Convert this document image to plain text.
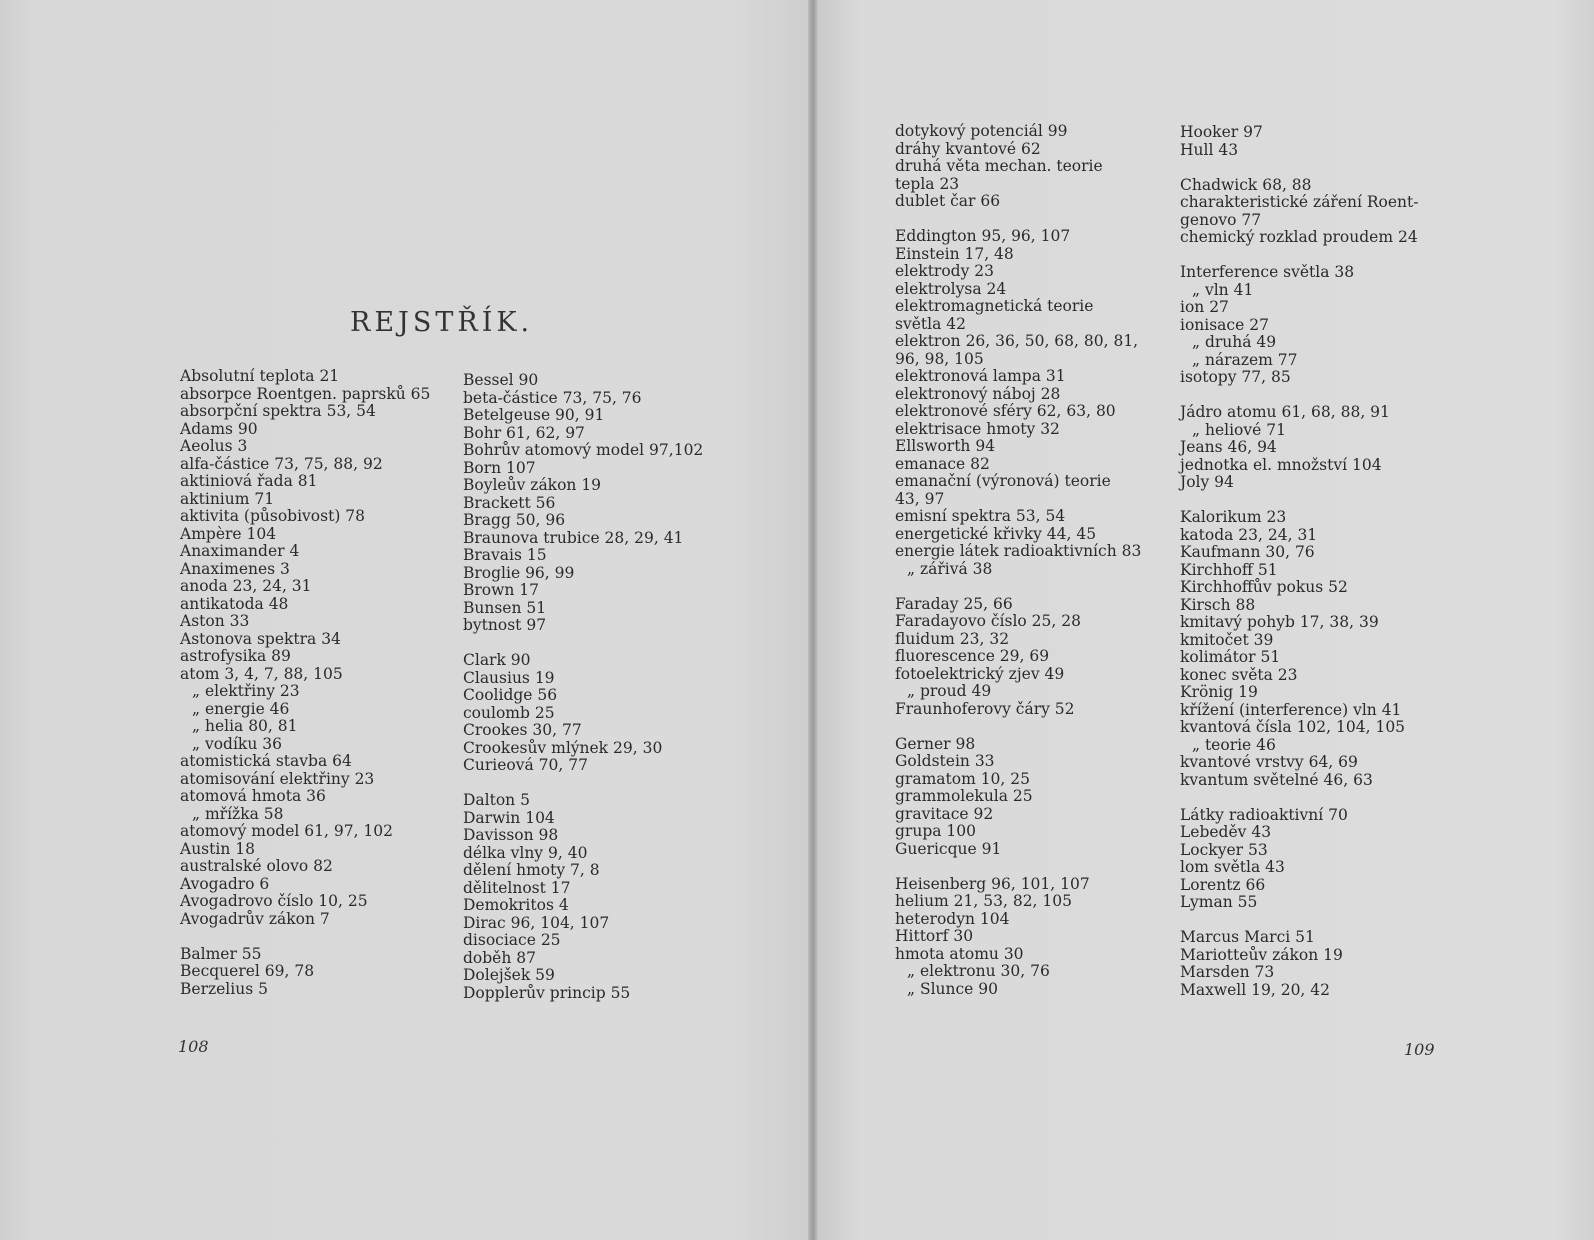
REJSTŘÍK.
Absolutní teplota 21
absorpce Roentgen. paprsků 65
absorpční spektra 53, 54
Adams 90
Aeolus 3
alfa-částice 73, 75, 88, 92
aktiniová řada 81
aktinium 71
aktivita (působivost) 78
Ampère 104
Anaximander 4
Anaximenes 3
anoda 23, 24, 31
antikatoda 48
Aston 33
Astonova spektra 34
astrofysika 89
atom 3, 4, 7, 88, 105
„ elektřiny 23
„ energie 46
„ helia 80, 81
„ vodíku 36
atomistická stavba 64
atomisování elektřiny 23
atomová hmota 36
„ mřížka 58
atomový model 61, 97, 102
Austin 18
australské olovo 82
Avogadro 6
Avogadrovo číslo 10, 25
Avogadrův zákon 7
Balmer 55
Becquerel 69, 78
Berzelius 5
Bessel 90
beta-částice 73, 75, 76
Betelgeuse 90, 91
Bohr 61, 62, 97
Bohrův atomový model 97,102
Born 107
Boyleův zákon 19
Brackett 56
Bragg 50, 96
Braunova trubice 28, 29, 41
Bravais 15
Broglie 96, 99
Brown 17
Bunsen 51
bytnost 97
Clark 90
Clausius 19
Coolidge 56
coulomb 25
Crookes 30, 77
Crookesův mlýnek 29, 30
Curieová 70, 77
Dalton 5
Darwin 104
Davisson 98
délka vlny 9, 40
dělení hmoty 7, 8
dělitelnost 17
Demokritos 4
Dirac 96, 104, 107
disociace 25
doběh 87
Dolejšek 59
Dopplerův princip 55
dotykový potenciál 99
dráhy kvantové 62
druhá věta mechan. teorie
tepla 23
dublet čar 66
Eddington 95, 96, 107
Einstein 17, 48
elektrody 23
elektrolysa 24
elektromagnetická teorie
světla 42
elektron 26, 36, 50, 68, 80, 81,
96, 98, 105
elektronová lampa 31
elektronový náboj 28
elektronové sféry 62, 63, 80
elektrisace hmoty 32
Ellsworth 94
emanace 82
emanační (výronová) teorie
43, 97
emisní spektra 53, 54
energetické křivky 44, 45
energie látek radioaktivních 83
„ zářivá 38
Faraday 25, 66
Faradayovo číslo 25, 28
fluidum 23, 32
fluorescence 29, 69
fotoelektrický zjev 49
„ proud 49
Fraunhoferovy čáry 52
Gerner 98
Goldstein 33
gramatom 10, 25
grammolekula 25
gravitace 92
grupa 100
Guericque 91
Heisenberg 96, 101, 107
helium 21, 53, 82, 105
heterodyn 104
Hittorf 30
hmota atomu 30
„ elektronu 30, 76
„ Slunce 90
Hooker 97
Hull 43
Chadwick 68, 88
charakteristické záření Roent-
genovo 77
chemický rozklad proudem 24
Interference světla 38
„ vln 41
ion 27
ionisace 27
„ druhá 49
„ nárazem 77
isotopy 77, 85
Jádro atomu 61, 68, 88, 91
„ heliové 71
Jeans 46, 94
jednotka el. množství 104
Joly 94
Kalorikum 23
katoda 23, 24, 31
Kaufmann 30, 76
Kirchhoff 51
Kirchhoffův pokus 52
Kirsch 88
kmitavý pohyb 17, 38, 39
kmitočet 39
kolimátor 51
konec světa 23
Krönig 19
křížení (interference) vln 41
kvantová čísla 102, 104, 105
„ teorie 46
kvantové vrstvy 64, 69
kvantum světelné 46, 63
Látky radioaktivní 70
Lebeděv 43
Lockyer 53
lom světla 43
Lorentz 66
Lyman 55
Marcus Marci 51
Mariotteův zákon 19
Marsden 73
Maxwell 19, 20, 42
108	109
